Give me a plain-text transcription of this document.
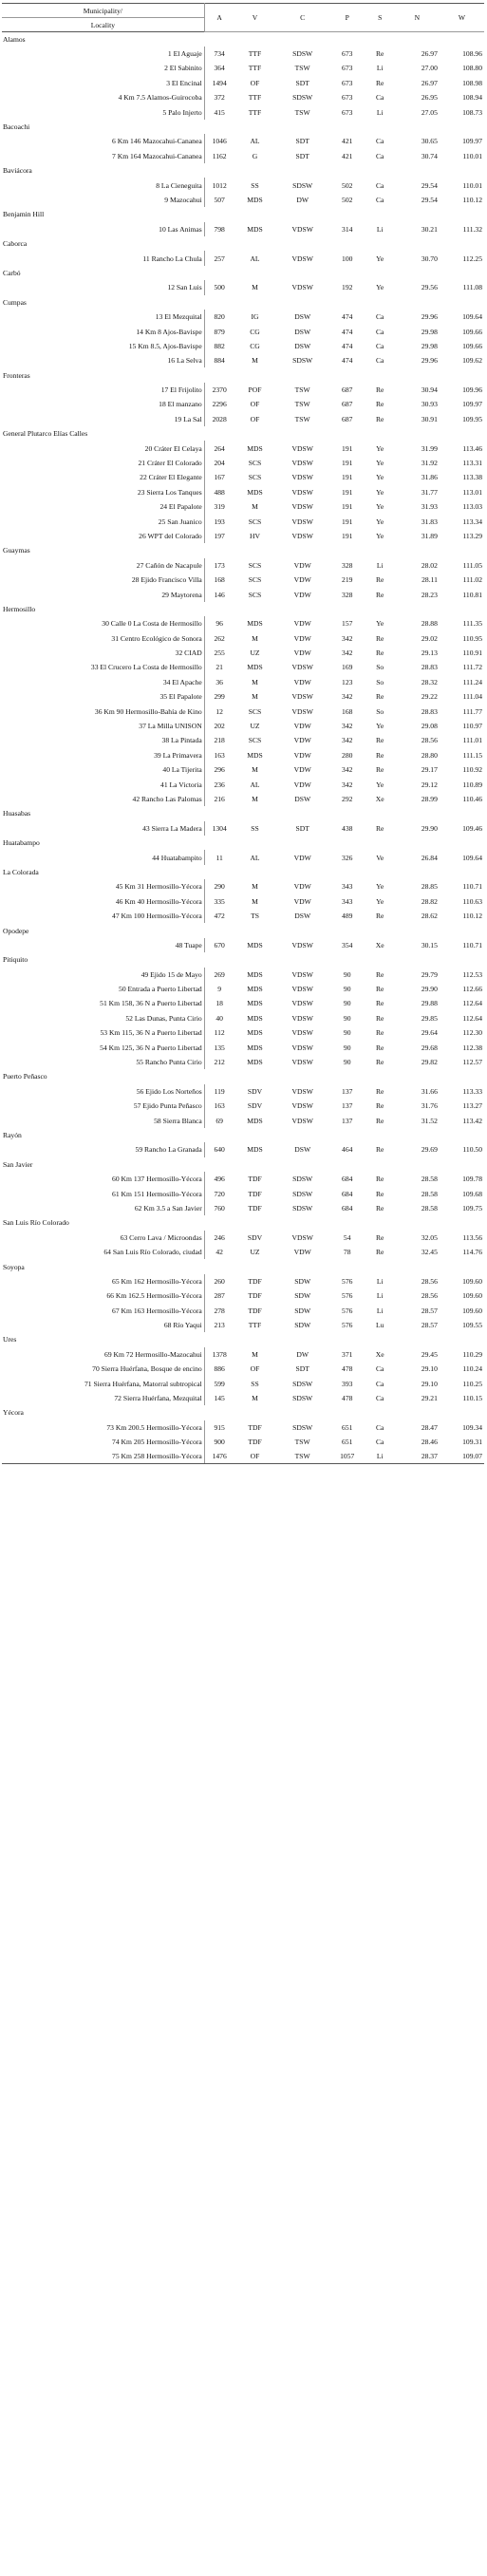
Municipality/	A	V	C	P	S	N	W
Locality							
Alamos							
1 El Aguaje	734	TTF	SDSW	673	Re	26.97	108.96
2 El Sabinito	364	TTF	TSW	673	Li	27.00	108.80
3 El Encinal	1494	OF	SDT	673	Re	26.97	108.98
4 Km 7.5 Alamos-Guirocoba	372	TTF	SDSW	673	Ca	26.95	108.94
5 Palo Injerto	415	TTF	TSW	673	Li	27.05	108.73
Bacoachi							
6 Km 146 Mazocahui-Cananea	1046	AL	SDT	421	Ca	30.65	109.97
7 Km 164 Mazocahui-Cananea	1162	G	SDT	421	Ca	30.74	110.01
Baviácora							
8 La Cieneguita	1012	SS	SDSW	502	Ca	29.54	110.01
9 Mazocahui	507	MDS	DW	502	Ca	29.54	110.12
Benjamin Hill							
10 Las Animas	798	MDS	VDSW	314	Li	30.21	111.32
Caborca							
11 Rancho La Chula	257	AL	VDSW	100	Ye	30.70	112.25
Carbó							
12 San Luis	500	M	VDSW	192	Ye	29.56	111.08
Cumpas							
13 El Mezquital	820	IG	DSW	474	Ca	29.96	109.64
14 Km 8 Ajos-Bavispe	879	CG	DSW	474	Ca	29.98	109.66
15 Km 8.5, Ajos-Bavispe	882	CG	DSW	474	Ca	29.98	109.66
16 La Selva	884	M	SDSW	474	Ca	29.96	109.62
Fronteras							
17 El Frijolito	2370	POF	TSW	687	Re	30.94	109.96
18 El manzano	2296	OF	TSW	687	Re	30.93	109.97
19 La Sal	2028	OF	TSW	687	Re	30.91	109.95
General Plutarco Elías Calles							
20 Cráter El Celaya	264	MDS	VDSW	191	Ye	31.99	113.46
21 Cráter El Colorado	204	SCS	VDSW	191	Ye	31.92	113.31
22 Cráter El Elegante	167	SCS	VDSW	191	Ye	31.86	113.38
23 Sierra Los Tanques	488	MDS	VDSW	191	Ye	31.77	113.01
24 El Papalote	319	M	VDSW	191	Ye	31.93	113.03
25 San Juanico	193	SCS	VDSW	191	Ye	31.83	113.34
26 WPT del Colorado	197	HV	VDSW	191	Ye	31.89	113.29
Guaymas							
27 Cañón de Nacapule	173	SCS	VDW	328	Li	28.02	111.05
28 Ejido Francisco Villa	168	SCS	VDW	219	Re	28.11	111.02
29 Maytorena	146	SCS	VDW	328	Re	28.23	110.81
Hermosillo							
30 Calle 0 La Costa de Hermosillo	96	MDS	VDW	157	Ye	28.88	111.35
31 Centro Ecológico de Sonora	262	M	VDW	342	Re	29.02	110.95
32 CIAD	255	UZ	VDW	342	Re	29.13	110.91
33 El Crucero La Costa de Hermosillo	21	MDS	VDSW	169	So	28.83	111.72
34 El Apache	36	M	VDW	123	So	28.32	111.24
35 El Papalote	299	M	VDSW	342	Re	29.22	111.04
36 Km 90 Hermosillo-Bahía de Kino	12	SCS	VDSW	168	So	28.83	111.77
37 La Milla UNISON	202	UZ	VDW	342	Ye	29.08	110.97
38 La Pintada	218	SCS	VDW	342	Re	28.56	111.01
39 La Primavera	163	MDS	VDW	280	Re	28.80	111.15
40 La Tijerita	296	M	VDW	342	Re	29.17	110.92
41 La Victoria	236	AL	VDW	342	Ye	29.12	110.89
42 Rancho Las Palomas	216	M	DSW	292	Xe	28.99	110.46
Huasabas							
43 Sierra La Madera	1304	SS	SDT	438	Re	29.90	109.46
Huatabampo							
44 Huatabampito	11	AL	VDW	326	Ve	26.84	109.64
La Colorada							
45 Km 31 Hermosillo-Yécora	290	M	VDW	343	Ye	28.85	110.71
46 Km 40 Hermosillo-Yécora	335	M	VDW	343	Ye	28.82	110.63
47 Km 100 Hermosillo-Yécora	472	TS	DSW	489	Re	28.62	110.12
Opodepe							
48 Tuape	670	MDS	VDSW	354	Xe	30.15	110.71
Pitiquito							
49 Ejido 15 de Mayo	269	MDS	VDSW	90	Re	29.79	112.53
50 Entrada a Puerto Libertad	9	MDS	VDSW	90	Re	29.90	112.66
51 Km 158, 36 N a Puerto Libertad	18	MDS	VDSW	90	Re	29.88	112.64
52 Las Dunas, Punta Cirio	40	MDS	VDSW	90	Re	29.85	112.64
53 Km 115, 36 N a Puerto Libertad	112	MDS	VDSW	90	Re	29.64	112.30
54 Km 125, 36 N a Puerto Libertad	135	MDS	VDSW	90	Re	29.68	112.38
55 Rancho Punta Cirio	212	MDS	VDSW	90	Re	29.82	112.57
Puerto Peñasco							
56 Ejido Los Norteños	119	SDV	VDSW	137	Re	31.66	113.33
57 Ejido Punta Peñasco	163	SDV	VDSW	137	Re	31.76	113.27
58 Sierra Blanca	69	MDS	VDSW	137	Re	31.52	113.42
Rayón							
59 Rancho La Granada	640	MDS	DSW	464	Re	29.69	110.50
San Javier							
60 Km 137 Hermosillo-Yécora	496	TDF	SDSW	684	Re	28.58	109.78
61 Km 151 Hermosillo-Yécora	720	TDF	SDSW	684	Re	28.58	109.68
62 Km 3.5 a San Javier	760	TDF	SDSW	684	Re	28.58	109.75
San Luis Río Colorado							
63 Cerro Lava / Microondas	246	SDV	VDSW	54	Re	32.05	113.56
64 San Luis Río Colorado, ciudad	42	UZ	VDW	78	Re	32.45	114.76
Soyopa							
65 Km 162 Hermosillo-Yécora	260	TDF	SDW	576	Li	28.56	109.60
66 Km 162.5 Hermosillo-Yécora	287	TDF	SDW	576	Li	28.56	109.60
67 Km 163 Hermosillo-Yécora	278	TDF	SDW	576	Li	28.57	109.60
68 Río Yaqui	213	TTF	SDW	576	Lu	28.57	109.55
Ures							
69 Km 72 Hermosillo-Mazocahui	1378	M	DW	371	Xe	29.45	110.29
70 Sierra Huérfana, Bosque de encino	886	OF	SDT	478	Ca	29.10	110.24
71 Sierra Huérfana, Matorral subtropical	599	SS	SDSW	393	Ca	29.10	110.25
72 Sierra Huérfana, Mezquital	145	M	SDSW	478	Ca	29.21	110.15
Yécora							
73 Km 200.5 Hermosillo-Yécora	915	TDF	SDSW	651	Ca	28.47	109.34
74 Km 205 Hermosillo-Yécora	900	TDF	TSW	651	Ca	28.46	109.31
75 Km 258 Hermosillo-Yécora	1476	OF	TSW	1057	Li	28.37	109.07
